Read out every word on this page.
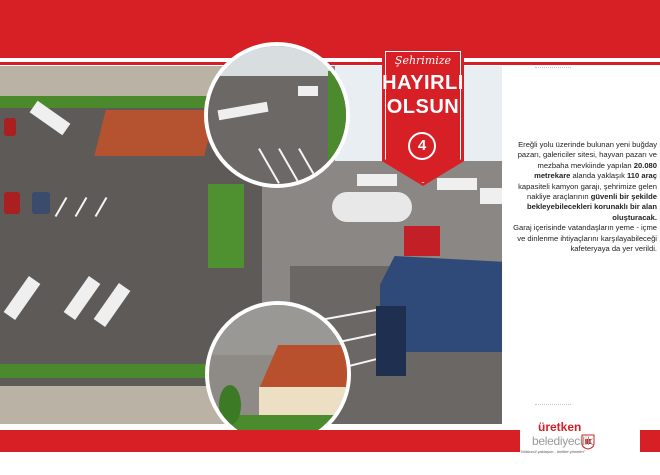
Şehrimize
HAYIRLI
OLSUN
4	Ereğli yolu üzerinde bulunan yeni buğday pazarı, galericiler sitesi, hayvan pazarı ve mezbaha mevkiinde yapılan 20.080 metrekare alanda yaklaşık 110 araç kapasiteli kamyon garajı, şehrimize gelen nakliye araçlarının güvenli bir şekilde bekleyebilecekleri korunaklı bir alan oluşturacak.
Garaj içerisinde vatandaşların yeme - içme ve dinlenme ihtiyaçlarını karşılayabileceği kafeteryaya da yer verildi.
üretken
belediyecilik
"bütüncül yaklaşım - birlikte yönetim"
